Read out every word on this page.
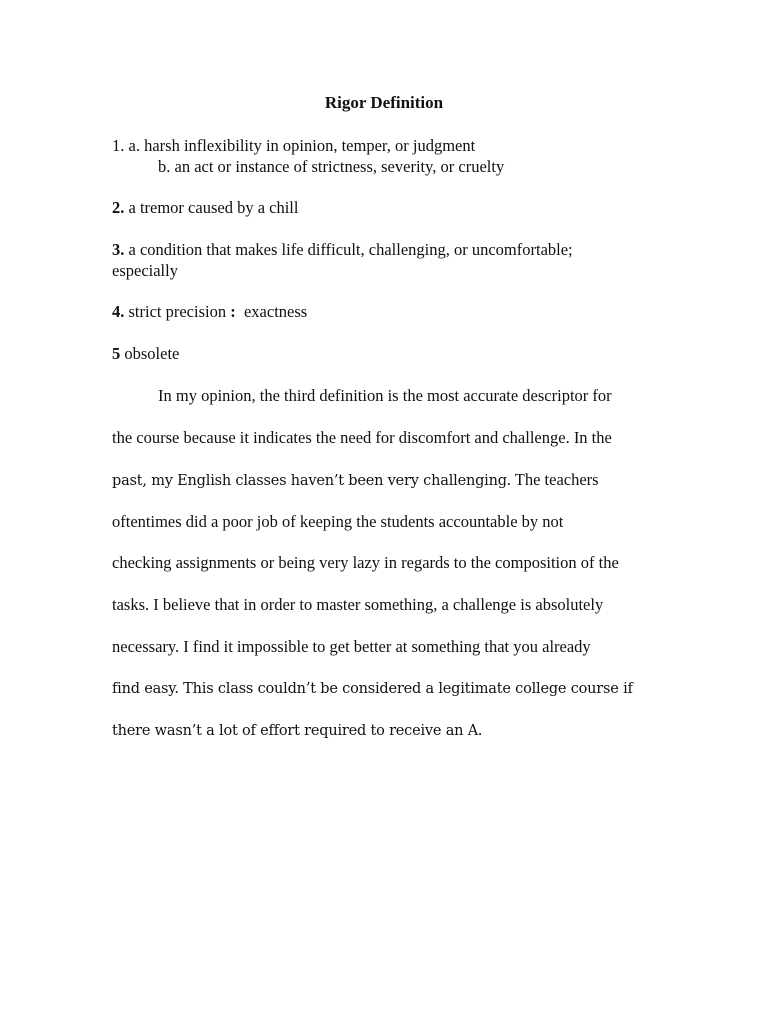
Rigor Definition
1. a. harsh inflexibility in opinion, temper, or judgment
b. an act or instance of strictness, severity, or cruelty
2. a tremor caused by a chill
3. a condition that makes life difficult, challenging, or uncomfortable;
especially
4. strict precision :  exactness
5 obsolete
In my opinion, the third definition is the most accurate descriptor for
the course because it indicates the need for discomfort and challenge. In the
past, my English classes haven’t been very challenging. The teachers
oftentimes did a poor job of keeping the students accountable by not
checking assignments or being very lazy in regards to the composition of the
tasks. I believe that in order to master something, a challenge is absolutely
necessary. I find it impossible to get better at something that you already
find easy. This class couldn’t be considered a legitimate college course if
there wasn’t a lot of effort required to receive an A.
